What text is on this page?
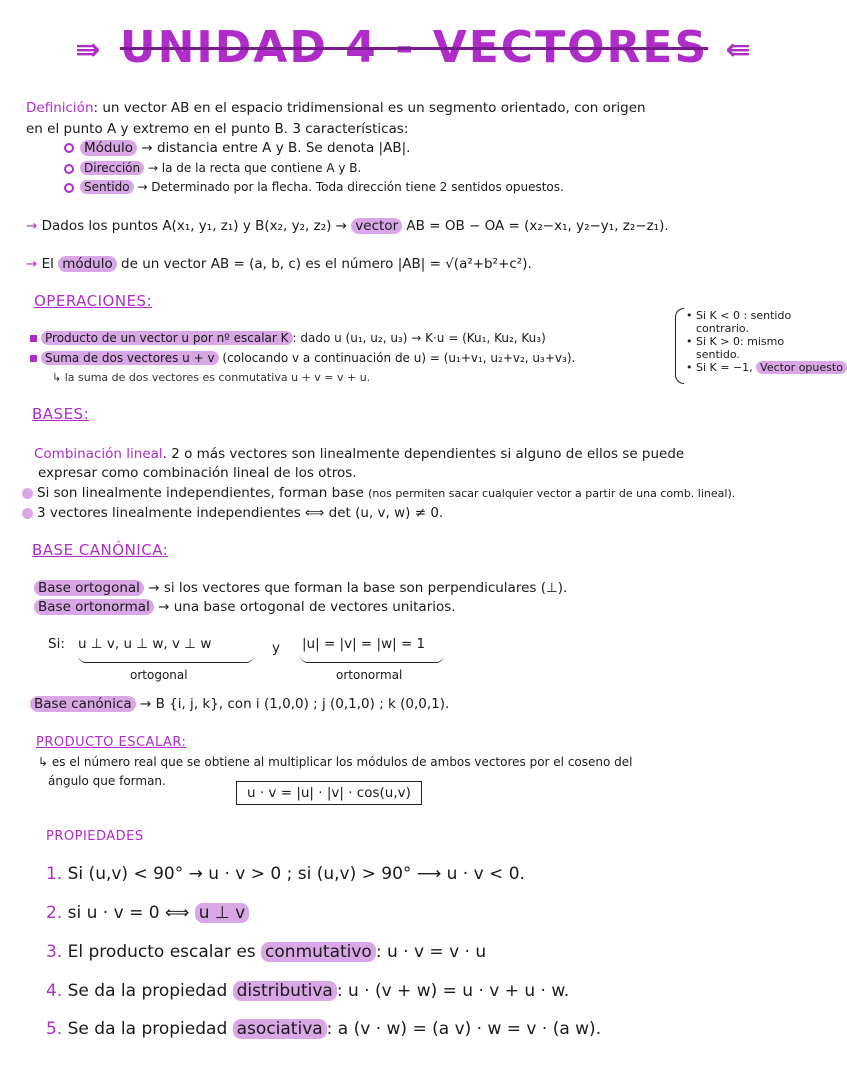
⇛ UNIDAD 4 - VECTORES ⇚
Definición: un vector AB en el espacio tridimensional es un segmento orientado, con origen
en el punto A y extremo en el punto B. 3 características:
Módulo → distancia entre A y B. Se denota |AB|.
Dirección → la de la recta que contiene A y B.
Sentido → Determinado por la flecha. Toda dirección tiene 2 sentidos opuestos.
→ Dados los puntos A(x₁, y₁, z₁) y B(x₂, y₂, z₂) → vector AB = OB − OA = (x₂−x₁, y₂−y₁, z₂−z₁).
→ El módulo de un vector AB = (a, b, c) es el número |AB| = √(a²+b²+c²).
OPERACIONES:
Producto de un vector u por nº escalar K : dado u (u₁, u₂, u₃) → K·u = (Ku₁, Ku₂, Ku₃)
Suma de dos vectores u + v (colocando v a continuación de u) = (u₁+v₁, u₂+v₂, u₃+v₃).
↳ la suma de dos vectores es conmutativa u + v = v + u.
• Si K < 0 : sentido
contrario.
• Si K > 0: mismo
sentido.
• Si K = −1, Vector opuesto
BASES:
Combinación lineal. 2 o más vectores son linealmente dependientes si alguno de ellos se puede
expresar como combinación lineal de los otros.
Si son linealmente independientes, forman base (nos permiten sacar cualquier vector a partir de una comb. lineal).
3 vectores linealmente independientes ⟺ det (u, v, w) ≠ 0.
BASE CANÓNICA:
Base ortogonal → si los vectores que forman la base son perpendiculares (⊥).
Base ortonormal → una base ortogonal de vectores unitarios.
Si: u ⊥ v, u ⊥ w, v ⊥ w
ortogonal
y |u| = |v| = |w| = 1
ortonormal
Base canónica → B {i, j, k}, con i (1,0,0) ; j (0,1,0) ; k (0,0,1).
PRODUCTO ESCALAR:
↳ es el número real que se obtiene al multiplicar los módulos de ambos vectores por el coseno del
ángulo que forman.
u · v = |u| · |v| · cos(u,v)
PROPIEDADES
1. Si (u,v) < 90° → u · v > 0 ; si (u,v) > 90° ⟶ u · v < 0.
2. si u · v = 0 ⟺ u ⊥ v
3. El producto escalar es conmutativo : u · v = v · u
4. Se da la propiedad distributiva : u · (v + w) = u · v + u · w.
5. Se da la propiedad asociativa : a (v · w) = (a v) · w = v · (a w).
